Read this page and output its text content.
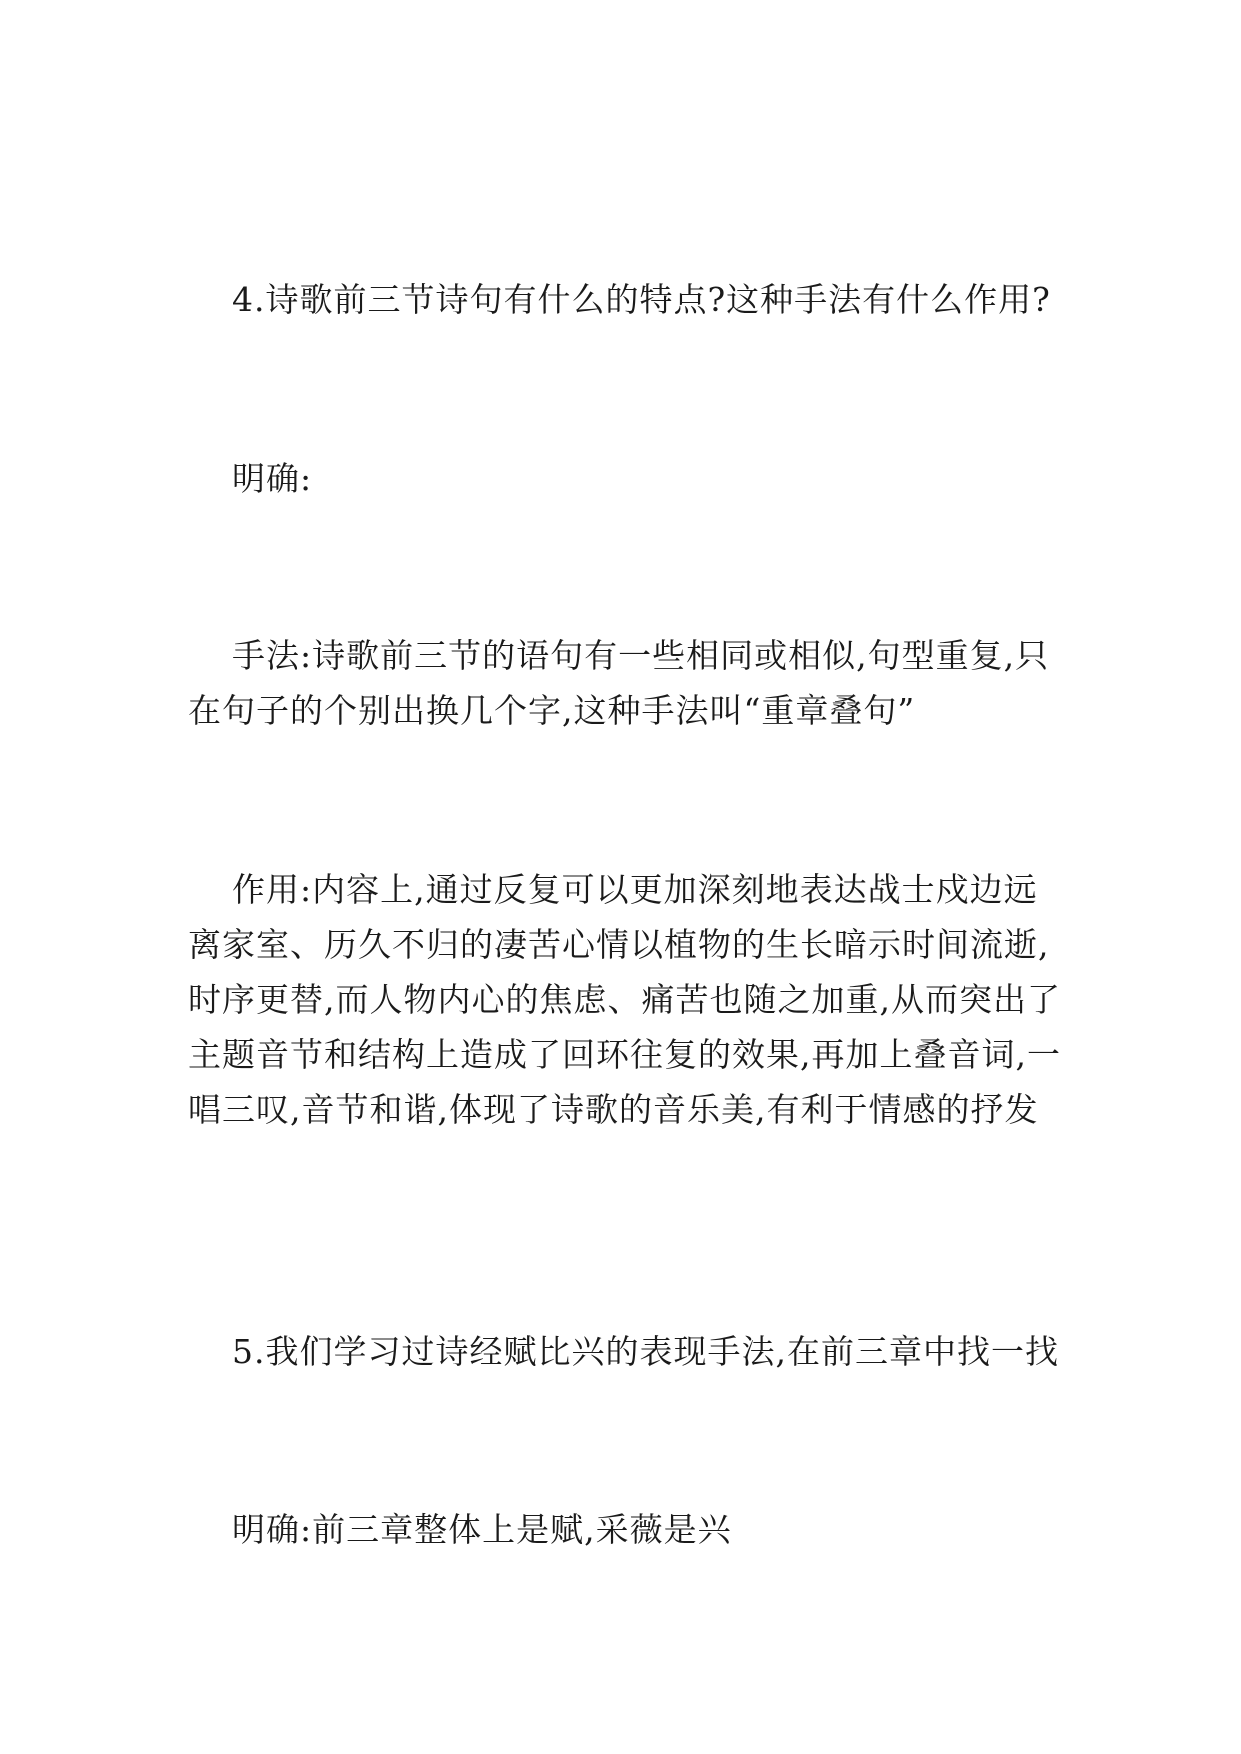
4.诗歌前三节诗句有什么的特点?这种手法有什么作用?

明确:

手法:诗歌前三节的语句有一些相同或相似,句型重复,只在句子的个别出换几个字,这种手法叫“重章叠句”

作用:内容上,通过反复可以更加深刻地表达战士戍边远离家室、历久不归的凄苦心情以植物的生长暗示时间流逝,时序更替,而人物内心的焦虑、痛苦也随之加重,从而突出了主题音节和结构上造成了回环往复的效果,再加上叠音词,一唱三叹,音节和谐,体现了诗歌的音乐美,有利于情感的抒发

5.我们学习过诗经赋比兴的表现手法,在前三章中找一找

明确:前三章整体上是赋,采薇是兴
